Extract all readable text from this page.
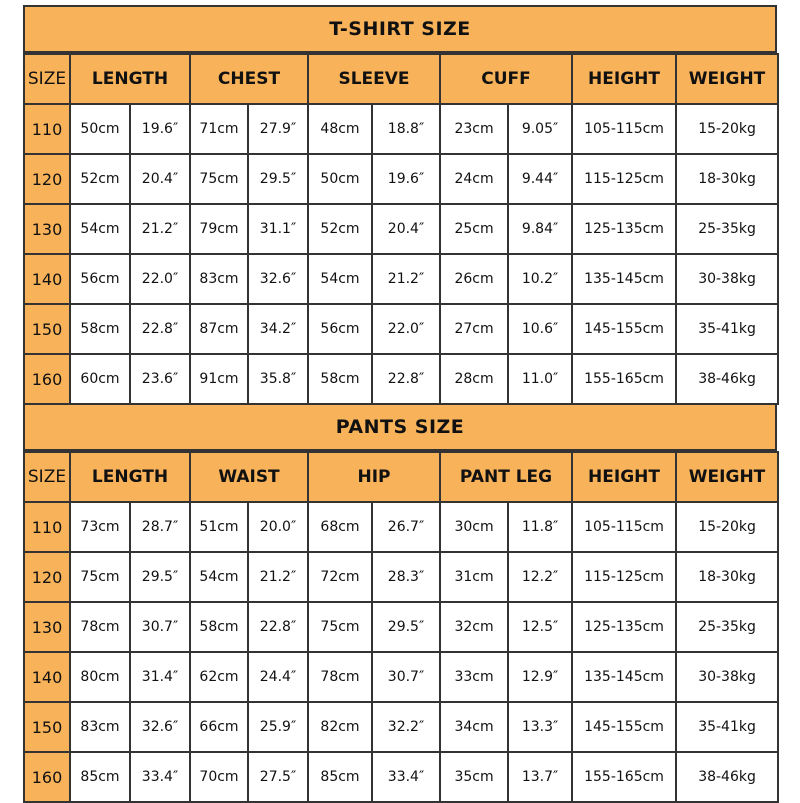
T-SHIRT SIZE
SIZE	LENGTH		CHEST		SLEEVE		CUFF		HEIGHT	WEIGHT
110	50cm	19.6″	71cm	27.9″	48cm	18.8″	23cm	9.05″	105-115cm	15-20kg
120	52cm	20.4″	75cm	29.5″	50cm	19.6″	24cm	9.44″	115-125cm	18-30kg
130	54cm	21.2″	79cm	31.1″	52cm	20.4″	25cm	9.84″	125-135cm	25-35kg
140	56cm	22.0″	83cm	32.6″	54cm	21.2″	26cm	10.2″	135-145cm	30-38kg
150	58cm	22.8″	87cm	34.2″	56cm	22.0″	27cm	10.6″	145-155cm	35-41kg
160	60cm	23.6″	91cm	35.8″	58cm	22.8″	28cm	11.0″	155-165cm	38-46kg
PANTS SIZE
SIZE	LENGTH		WAIST		HIP		PANT LEG		HEIGHT	WEIGHT
110	73cm	28.7″	51cm	20.0″	68cm	26.7″	30cm	11.8″	105-115cm	15-20kg
120	75cm	29.5″	54cm	21.2″	72cm	28.3″	31cm	12.2″	115-125cm	18-30kg
130	78cm	30.7″	58cm	22.8″	75cm	29.5″	32cm	12.5″	125-135cm	25-35kg
140	80cm	31.4″	62cm	24.4″	78cm	30.7″	33cm	12.9″	135-145cm	30-38kg
150	83cm	32.6″	66cm	25.9″	82cm	32.2″	34cm	13.3″	145-155cm	35-41kg
160	85cm	33.4″	70cm	27.5″	85cm	33.4″	35cm	13.7″	155-165cm	38-46kg
